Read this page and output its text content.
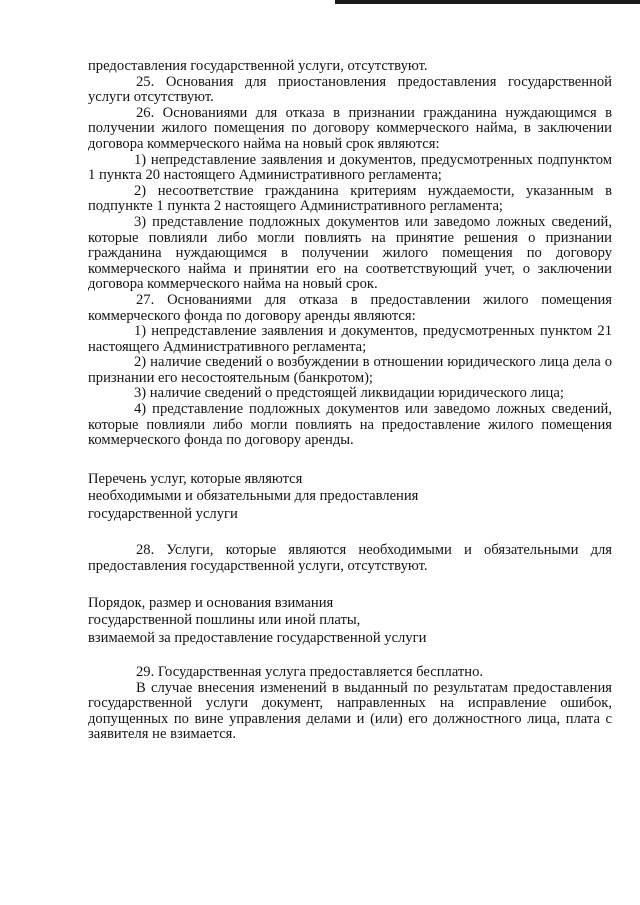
предоставления государственной услуги, отсутствуют.

25. Основания для приостановления предоставления государственной услуги отсутствуют.

26. Основаниями для отказа в признании гражданина нуждающимся в получении жилого помещения по договору коммерческого найма, в заключении договора коммерческого найма на новый срок являются:

1) непредставление заявления и документов, предусмотренных подпунктом 1 пункта 20 настоящего Административного регламента;

2) несоответствие гражданина критериям нуждаемости, указанным в подпункте 1 пункта 2 настоящего Административного регламента;

3) представление подложных документов или заведомо ложных сведений, которые повлияли либо могли повлиять на принятие решения о признании гражданина нуждающимся в получении жилого помещения по договору коммерческого найма и принятии его на соответствующий учет, о заключении договора коммерческого найма на новый срок.

27. Основаниями для отказа в предоставлении жилого помещения коммерческого фонда по договору аренды являются:

1) непредставление заявления и документов, предусмотренных пунктом 21 настоящего Административного регламента;

2) наличие сведений о возбуждении в отношении юридического лица дела о признании его несостоятельным (банкротом);

3) наличие сведений о предстоящей ликвидации юридического лица;

4) представление подложных документов или заведомо ложных сведений, которые повлияли либо могли повлиять на предоставление жилого помещения коммерческого фонда по договору аренды.

Перечень услуг, которые являются

необходимыми и обязательными для предоставления

государственной услуги

28. Услуги, которые являются необходимыми и обязательными для предоставления государственной услуги, отсутствуют.

Порядок, размер и основания взимания

государственной пошлины или иной платы,

взимаемой за предоставление государственной услуги

29. Государственная услуга предоставляется бесплатно.

В случае внесения изменений в выданный по результатам предоставления государственной услуги документ, направленных на исправление ошибок, допущенных по вине управления делами и (или) его должностного лица, плата с заявителя не взимается.
